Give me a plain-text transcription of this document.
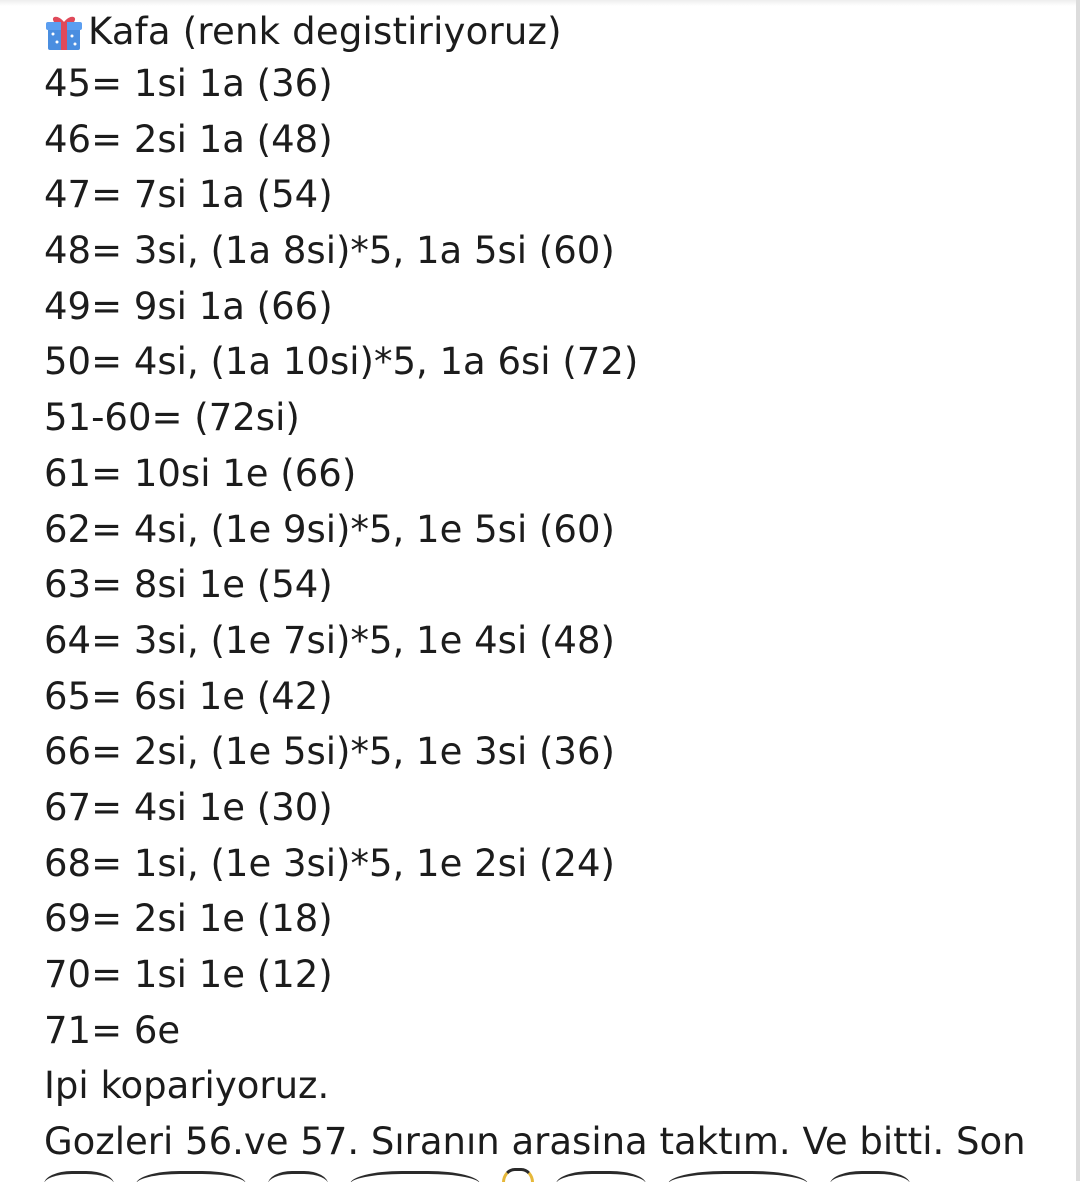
Kafa (renk degistiriyoruz)
45= 1si 1a (36)
46= 2si 1a (48)
47= 7si 1a (54)
48= 3si, (1a 8si)*5, 1a 5si (60)
49= 9si 1a (66)
50= 4si, (1a 10si)*5, 1a 6si (72)
51-60= (72si)
61= 10si 1e (66)
62= 4si, (1e 9si)*5, 1e 5si (60)
63= 8si 1e (54)
64= 3si, (1e 7si)*5, 1e 4si (48)
65= 6si 1e (42)
66= 2si, (1e 5si)*5, 1e 3si (36)
67= 4si 1e (30)
68= 1si, (1e 3si)*5, 1e 2si (24)
69= 2si 1e (18)
70= 1si 1e (12)
71= 6e
Ipi kopariyoruz.
Gozleri 56.ve 57. Sıranın arasina taktım. Ve bitti. Son
